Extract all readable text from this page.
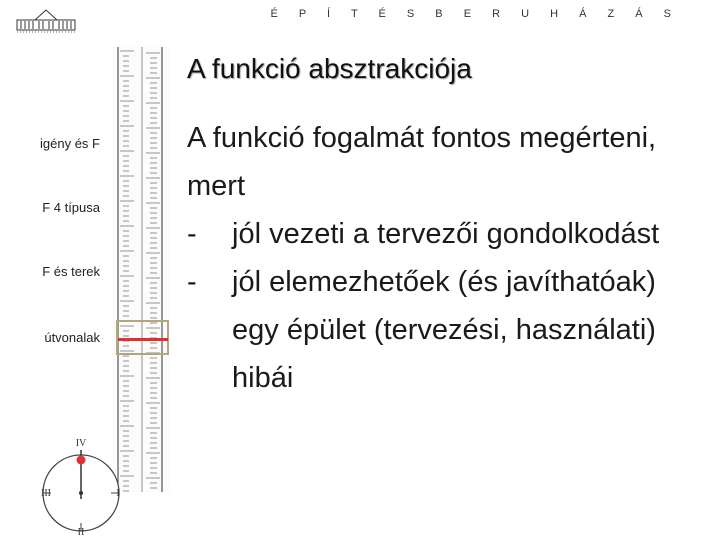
É P Í T É S B E R U H Á Z Á S
igény és F
F 4 típusa
F és terek
útvonalak
IV
I
II
III
A funkció absztrakciója

A funkció fogalmát fontos megérteni, mert

- jól vezeti a tervezői gondolkodást
- jól elemezhetőek (és javíthatóak) egy épület (tervezési, használati) hibái
